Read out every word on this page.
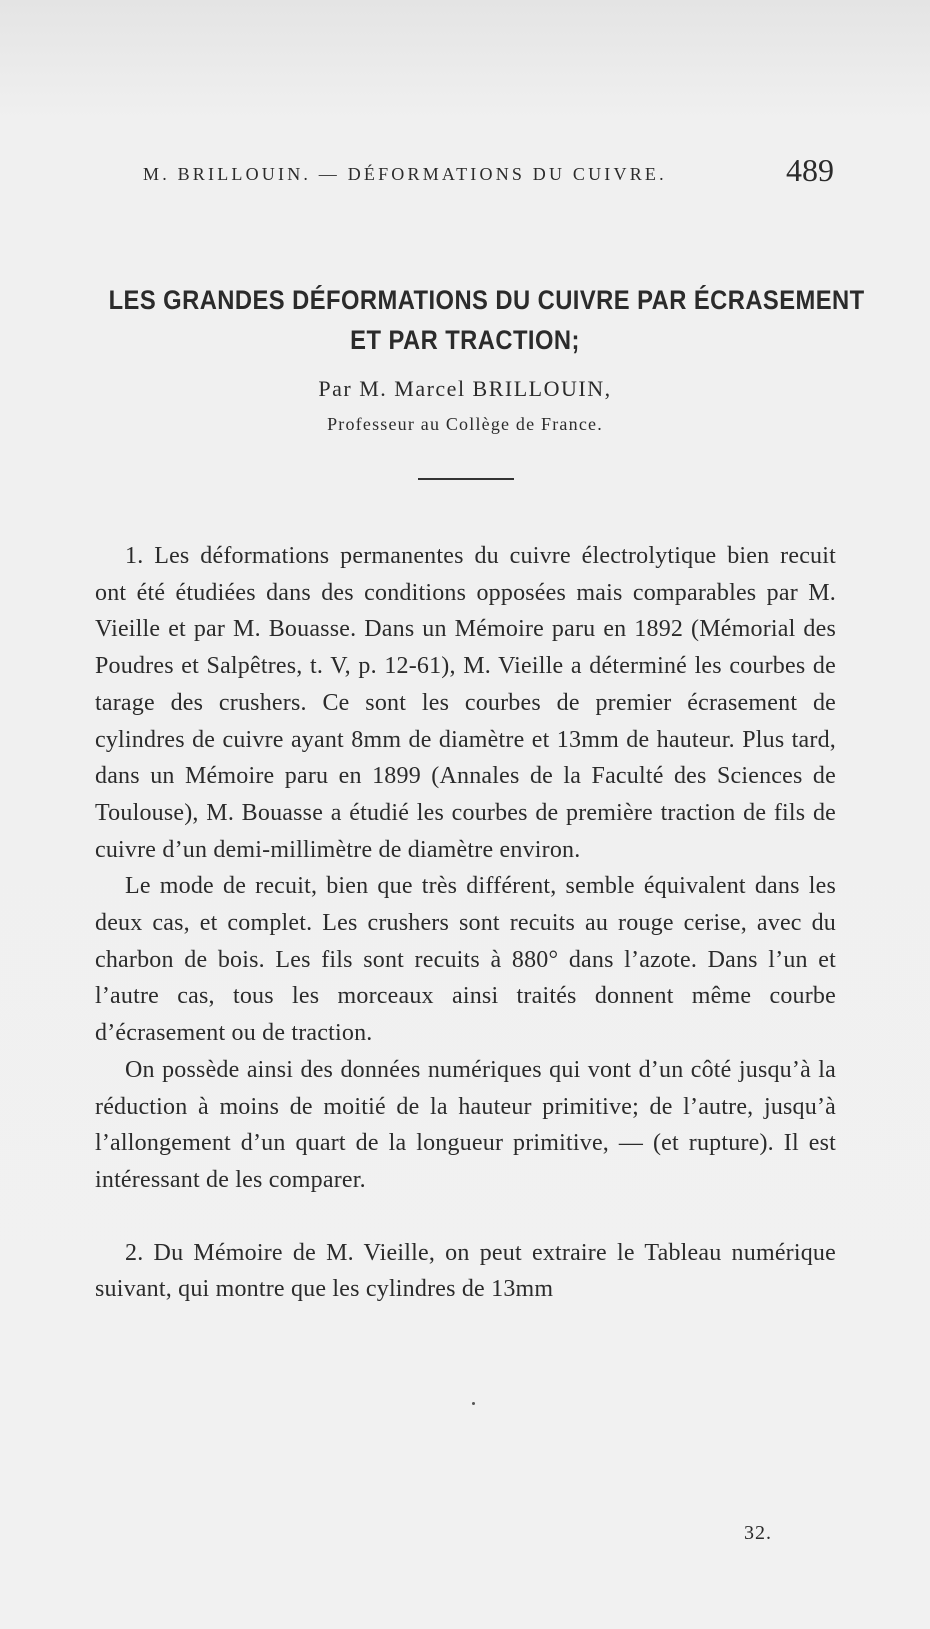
M. BRILLOUIN. — DÉFORMATIONS DU CUIVRE.	489
LES GRANDES DÉFORMATIONS DU CUIVRE PAR ÉCRASEMENT
ET PAR TRACTION;
Par M. Marcel BRILLOUIN,
Professeur au Collège de France.

1. Les déformations permanentes du cuivre électrolytique bien recuit ont été étudiées dans des conditions opposées mais comparables par M. Vieille et par M. Bouasse. Dans un Mémoire paru en 1892 (Mémorial des Poudres et Salpêtres, t. V, p. 12-61), M. Vieille a déterminé les courbes de tarage des crushers. Ce sont les courbes de premier écrasement de cylindres de cuivre ayant 8mm de diamètre et 13mm de hauteur. Plus tard, dans un Mémoire paru en 1899 (Annales de la Faculté des Sciences de Toulouse), M. Bouasse a étudié les courbes de première traction de fils de cuivre d’un demi-millimètre de diamètre environ.

Le mode de recuit, bien que très différent, semble équivalent dans les deux cas, et complet. Les crushers sont recuits au rouge cerise, avec du charbon de bois. Les fils sont recuits à 880° dans l’azote. Dans l’un et l’autre cas, tous les morceaux ainsi traités donnent même courbe d’écrasement ou de traction.

On possède ainsi des données numériques qui vont d’un côté jusqu’à la réduction à moins de moitié de la hauteur primitive; de l’autre, jusqu’à l’allongement d’un quart de la longueur primitive, — (et rupture). Il est intéressant de les comparer.

2. Du Mémoire de M. Vieille, on peut extraire le Tableau numérique suivant, qui montre que les cylindres de 13mm

32.
